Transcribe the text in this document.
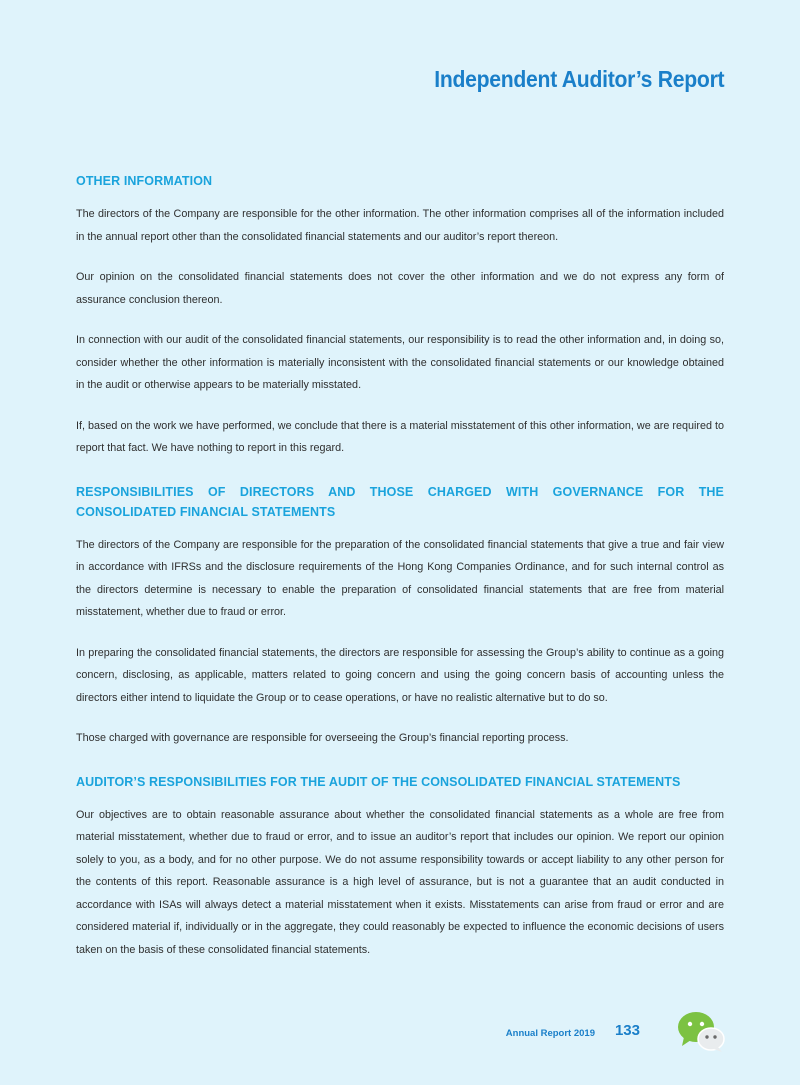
Independent Auditor’s Report
OTHER INFORMATION

The directors of the Company are responsible for the other information. The other information comprises all of the information included in the annual report other than the consolidated financial statements and our auditor’s report thereon.

Our opinion on the consolidated financial statements does not cover the other information and we do not express any form of assurance conclusion thereon.

In connection with our audit of the consolidated financial statements, our responsibility is to read the other information and, in doing so, consider whether the other information is materially inconsistent with the consolidated financial statements or our knowledge obtained in the audit or otherwise appears to be materially misstated.

If, based on the work we have performed, we conclude that there is a material misstatement of this other information, we are required to report that fact. We have nothing to report in this regard.

RESPONSIBILITIES OF DIRECTORS AND THOSE CHARGED WITH GOVERNANCE FOR THE CONSOLIDATED FINANCIAL STATEMENTS

The directors of the Company are responsible for the preparation of the consolidated financial statements that give a true and fair view in accordance with IFRSs and the disclosure requirements of the Hong Kong Companies Ordinance, and for such internal control as the directors determine is necessary to enable the preparation of consolidated financial statements that are free from material misstatement, whether due to fraud or error.

In preparing the consolidated financial statements, the directors are responsible for assessing the Group’s ability to continue as a going concern, disclosing, as applicable, matters related to going concern and using the going concern basis of accounting unless the directors either intend to liquidate the Group or to cease operations, or have no realistic alternative but to do so.

Those charged with governance are responsible for overseeing the Group’s financial reporting process.

AUDITOR’S RESPONSIBILITIES FOR THE AUDIT OF THE CONSOLIDATED FINANCIAL STATEMENTS

Our objectives are to obtain reasonable assurance about whether the consolidated financial statements as a whole are free from material misstatement, whether due to fraud or error, and to issue an auditor’s report that includes our opinion. We report our opinion solely to you, as a body, and for no other purpose. We do not assume responsibility towards or accept liability to any other person for the contents of this report. Reasonable assurance is a high level of assurance, but is not a guarantee that an audit conducted in accordance with ISAs will always detect a material misstatement when it exists. Misstatements can arise from fraud or error and are considered material if, individually or in the aggregate, they could reasonably be expected to influence the economic decisions of users taken on the basis of these consolidated financial statements.

Annual Report 2019 133
